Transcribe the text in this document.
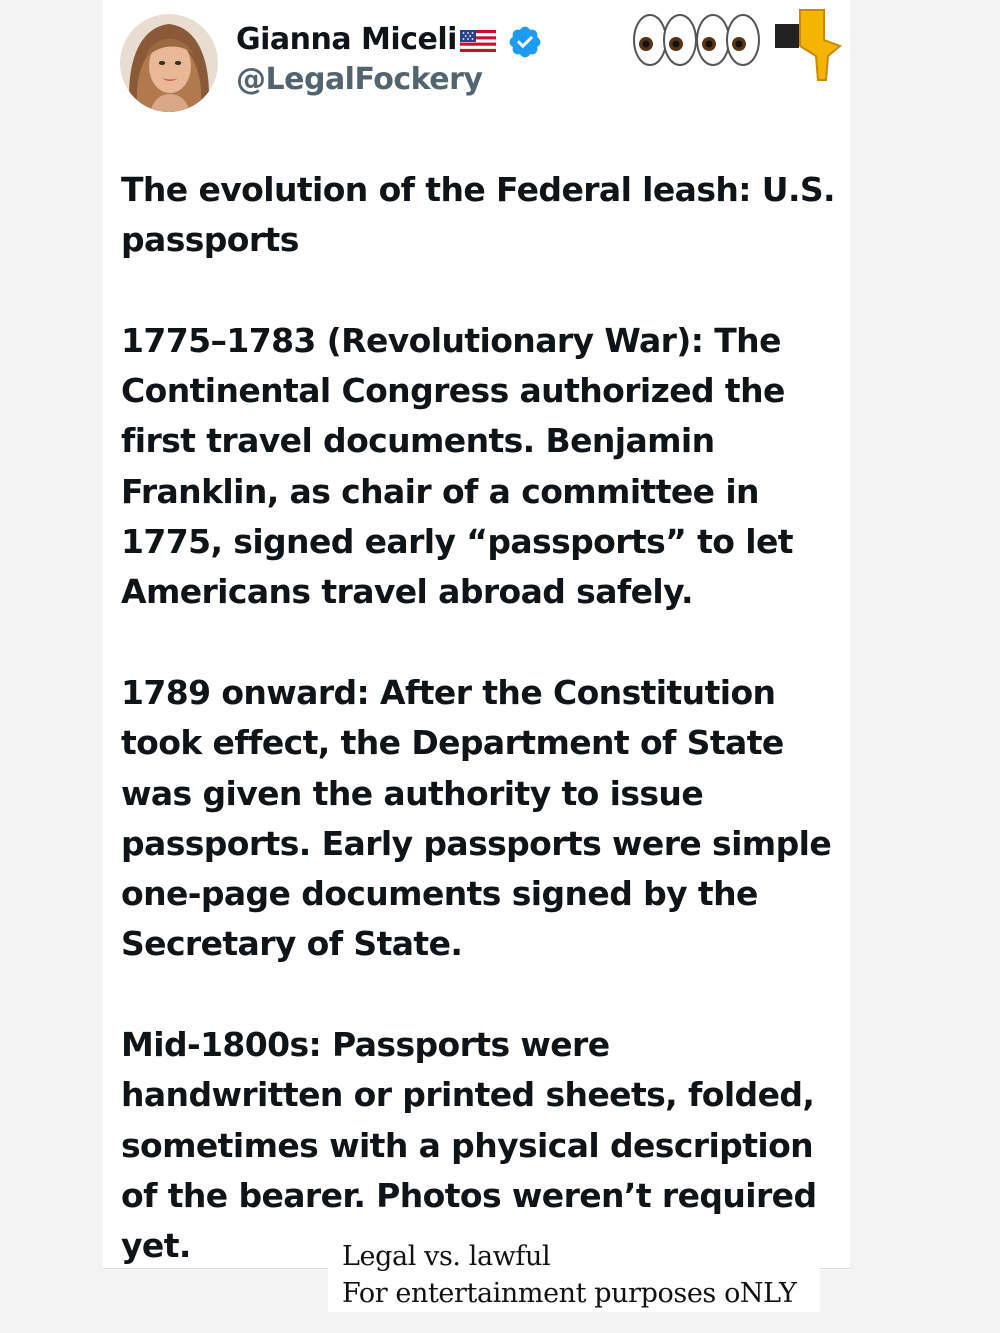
Gianna Miceli
@LegalFockery

The evolution of the Federal leash: U.S. passports

1775–1783 (Revolutionary War): The Continental Congress authorized the first travel documents. Benjamin Franklin, as chair of a committee in 1775, signed early “passports” to let Americans travel abroad safely.

1789 onward: After the Constitution took effect, the Department of State was given the authority to issue passports. Early passports were simple one-page documents signed by the Secretary of State.

Mid-1800s: Passports were handwritten or printed sheets, folded, sometimes with a physical description of the bearer. Photos weren’t required yet.	Legal vs. lawful
For entertainment purposes oNLY
